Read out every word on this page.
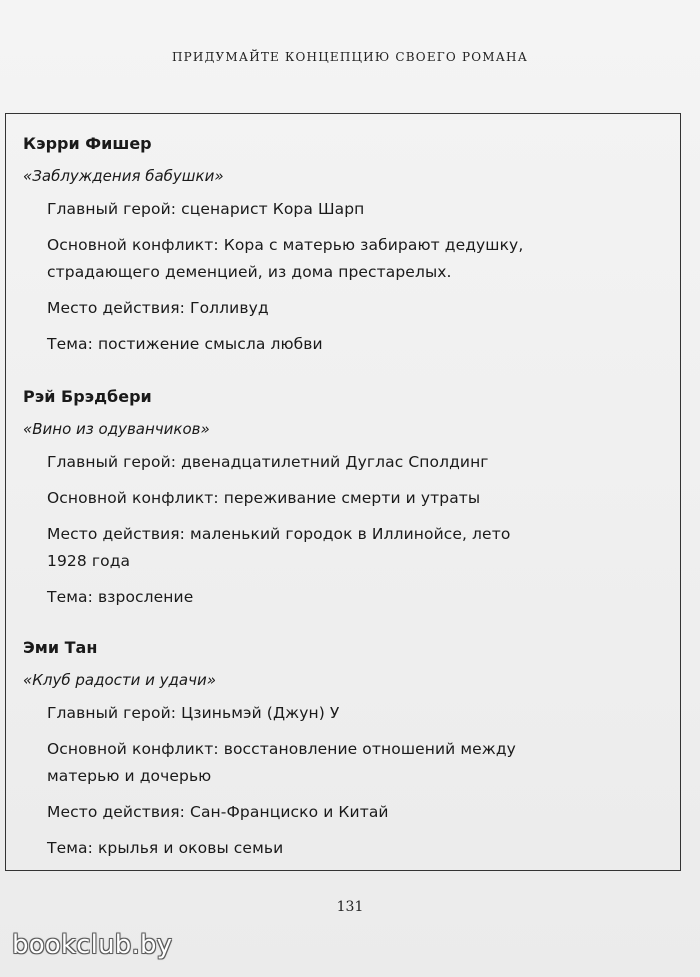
ПРИДУМАЙТЕ КОНЦЕПЦИЮ СВОЕГО РОМАНА

Кэрри Фишер

«Заблуждения бабушки»

Главный герой: сценарист Кора Шарп

Основной конфликт: Кора с матерью забирают дедушку,
страдающего деменцией, из дома престарелых.

Место действия: Голливуд

Тема: постижение смысла любви

Рэй Брэдбери

«Вино из одуванчиков»

Главный герой: двенадцатилетний Дуглас Сполдинг

Основной конфликт: переживание смерти и утраты

Место действия: маленький городок в Иллинойсе, лето
1928 года

Тема: взросление

Эми Тан

«Клуб радости и удачи»

Главный герой: Цзиньмэй (Джун) У

Основной конфликт: восстановление отношений между
матерью и дочерью

Место действия: Сан-Франциско и Китай

Тема: крылья и оковы семьи

131
bookclub.by
